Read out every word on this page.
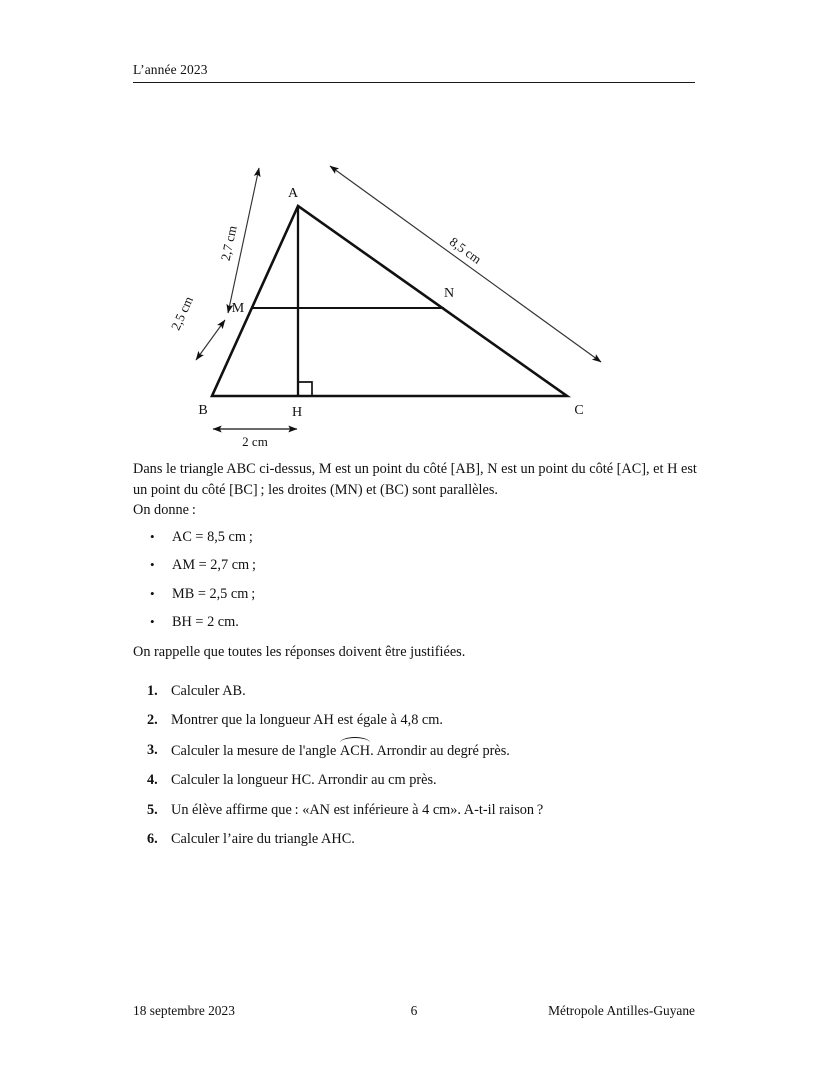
L’année 2023
8,5 cm
2,7 cm
2,5 cm
2 cm
A
B	C
H
M
N

Dans le triangle ABC ci-dessus, M est un point du côté [AB], N est un point du côté [AC], et H est un point du côté [BC] ; les droites (MN) et (BC) sont parallèles.

On donne :

• AC = 8,5 cm ;
• AM = 2,7 cm ;
• MB = 2,5 cm ;
• BH = 2 cm.

On rappelle que toutes les réponses doivent être justifiées.

1. Calculer AB.
2. Montrer que la longueur AH est égale à 4,8 cm.
3. Calculer la mesure de l'angle
ACH. Arrondir au degré près.
4. Calculer la longueur HC. Arrondir au cm près.
5. Un élève affirme que : «AN est inférieure à 4 cm». A-t-il raison ?
6. Calculer l’aire du triangle AHC.
18 septembre 2023	6	Métropole Antilles-Guyane
